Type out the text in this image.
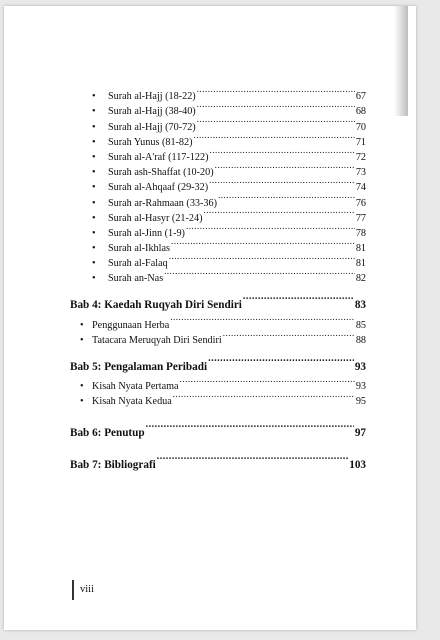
•	Surah al-Hajj (18-22) .....	67
•	Surah al-Hajj (38-40) .....	68
•	Surah al-Hajj (70-72) .....	70
•	Surah Yunus (81-82) .....	71
•	Surah al-A'raf (117-122) .....	72
•	Surah ash-Shaffat (10-20) .....	73
•	Surah al-Ahqaaf (29-32) .....	74
•	Surah ar-Rahmaan (33-36) .....	76
•	Surah al-Hasyr (21-24) .....	77
•	Surah al-Jinn (1-9) .....	78
•	Surah al-Ikhlas .....	81
•	Surah al-Falaq .....	81
•	Surah an-Nas .....	82
Bab 4: Kaedah Ruqyah Diri Sendiri .....	83
• Penggunaan Herba .....	85
• Tatacara Meruqyah Diri Sendiri .....	88
Bab 5: Pengalaman Peribadi .....	93
• Kisah Nyata Pertama .....	93
• Kisah Nyata Kedua .....	95
Bab 6: Penutup .....	97
Bab 7: Bibliografi .....	103
viii
